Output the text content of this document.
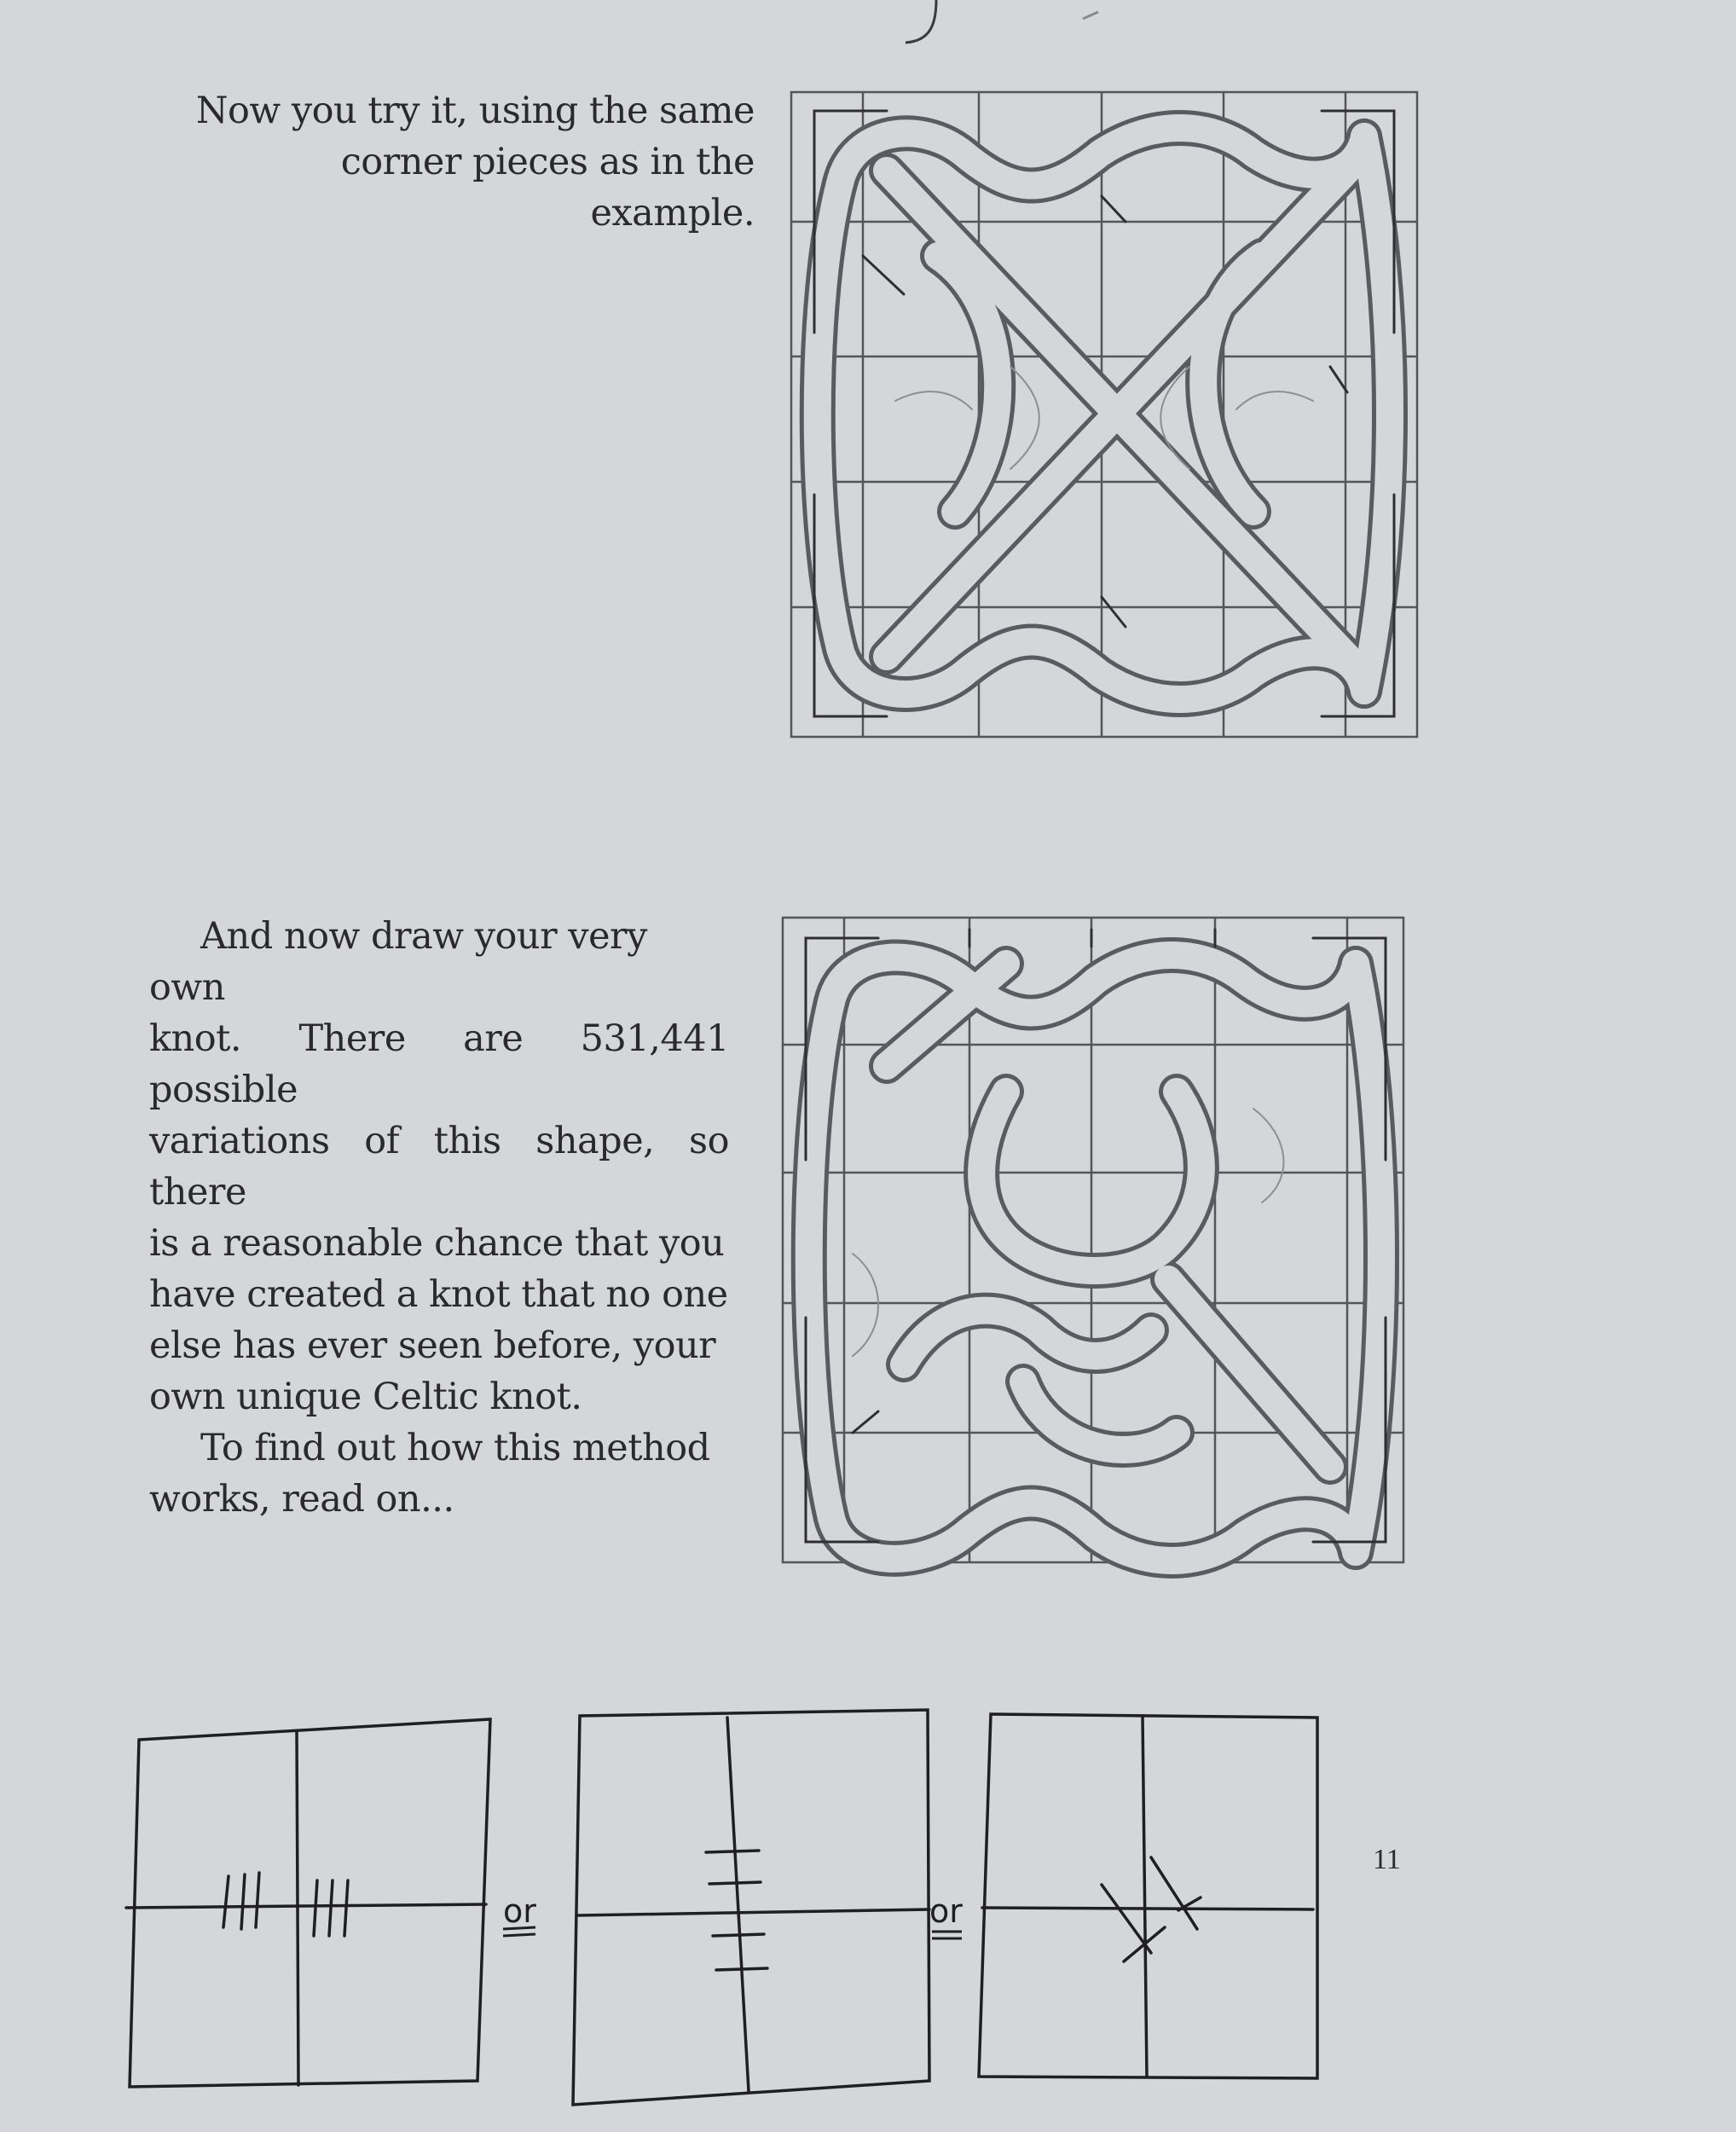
Now you try it, using the same

corner pieces as in the example.

And now draw your very own

knot. There are 531,441 possible

variations of this shape, so there

is a reasonable chance that you

have created a knot that no one

else has ever seen before, your

own unique Celtic knot.

To find out how this method

works, read on...

or	or
11
